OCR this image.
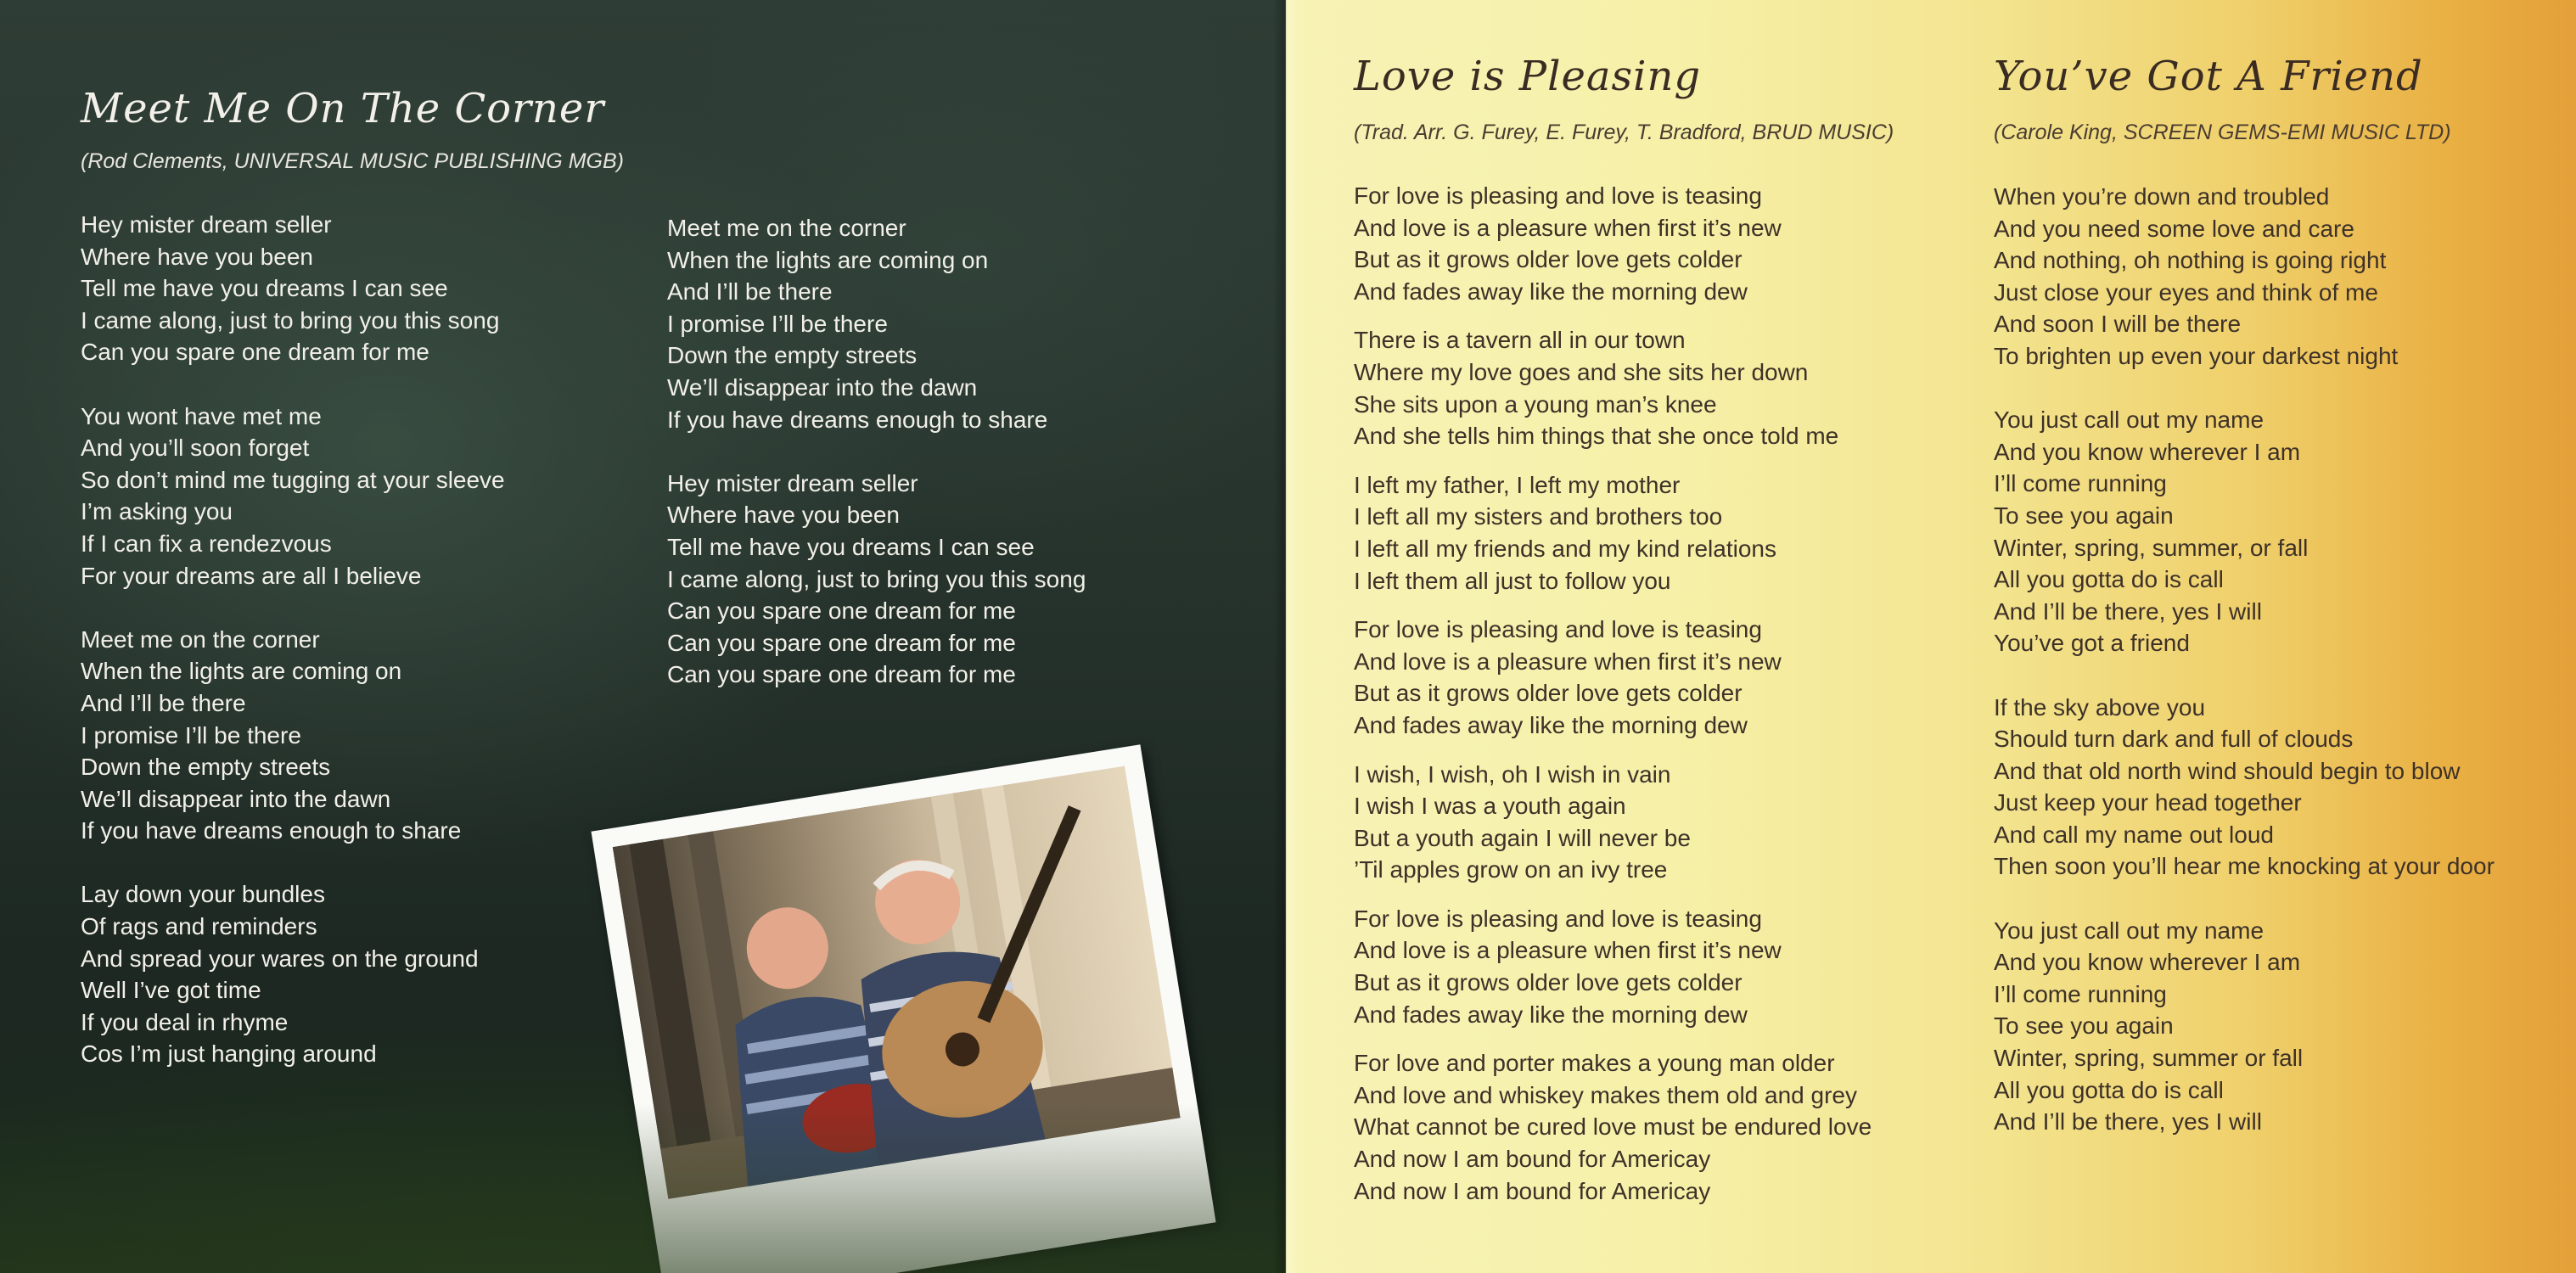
Meet Me On The Corner

(Rod Clements, UNIVERSAL MUSIC PUBLISHING MGB)

Hey mister dream seller
Where have you been
Tell me have you dreams I can see
I came along, just to bring you this song
Can you spare one dream for me
You wont have met me
And you’ll soon forget
So don’t mind me tugging at your sleeve
I’m asking you
If I can fix a rendezvous
For your dreams are all I believe
Meet me on the corner
When the lights are coming on
And I’ll be there
I promise I’ll be there
Down the empty streets
We’ll disappear into the dawn
If you have dreams enough to share
Lay down your bundles
Of rags and reminders
And spread your wares on the ground
Well I’ve got time
If you deal in rhyme
Cos I’m just hanging around
Meet me on the corner
When the lights are coming on
And I’ll be there
I promise I’ll be there
Down the empty streets
We’ll disappear into the dawn
If you have dreams enough to share
Hey mister dream seller
Where have you been
Tell me have you dreams I can see
I came along, just to bring you this song
Can you spare one dream for me
Can you spare one dream for me
Can you spare one dream for me
Love is Pleasing

(Trad. Arr. G. Furey, E. Furey, T. Bradford, BRUD MUSIC)

For love is pleasing and love is teasing
And love is a pleasure when first it’s new
But as it grows older love gets colder
And fades away like the morning dew
There is a tavern all in our town
Where my love goes and she sits her down
She sits upon a young man’s knee
And she tells him things that she once told me
I left my father, I left my mother
I left all my sisters and brothers too
I left all my friends and my kind relations
I left them all just to follow you
For love is pleasing and love is teasing
And love is a pleasure when first it’s new
But as it grows older love gets colder
And fades away like the morning dew
I wish, I wish, oh I wish in vain
I wish I was a youth again
But a youth again I will never be
’Til apples grow on an ivy tree
For love is pleasing and love is teasing
And love is a pleasure when first it’s new
But as it grows older love gets colder
And fades away like the morning dew
For love and porter makes a young man older
And love and whiskey makes them old and grey
What cannot be cured love must be endured love
And now I am bound for Americay
And now I am bound for Americay
You’ve Got A Friend

(Carole King, SCREEN GEMS-EMI MUSIC LTD)

When you’re down and troubled
And you need some love and care
And nothing, oh nothing is going right
Just close your eyes and think of me
And soon I will be there
To brighten up even your darkest night
You just call out my name
And you know wherever I am
I’ll come running
To see you again
Winter, spring, summer, or fall
All you gotta do is call
And I’ll be there, yes I will
You’ve got a friend
If the sky above you
Should turn dark and full of clouds
And that old north wind should begin to blow
Just keep your head together
And call my name out loud
Then soon you’ll hear me knocking at your door
You just call out my name
And you know wherever I am
I’ll come running
To see you again
Winter, spring, summer or fall
All you gotta do is call
And I’ll be there, yes I will
